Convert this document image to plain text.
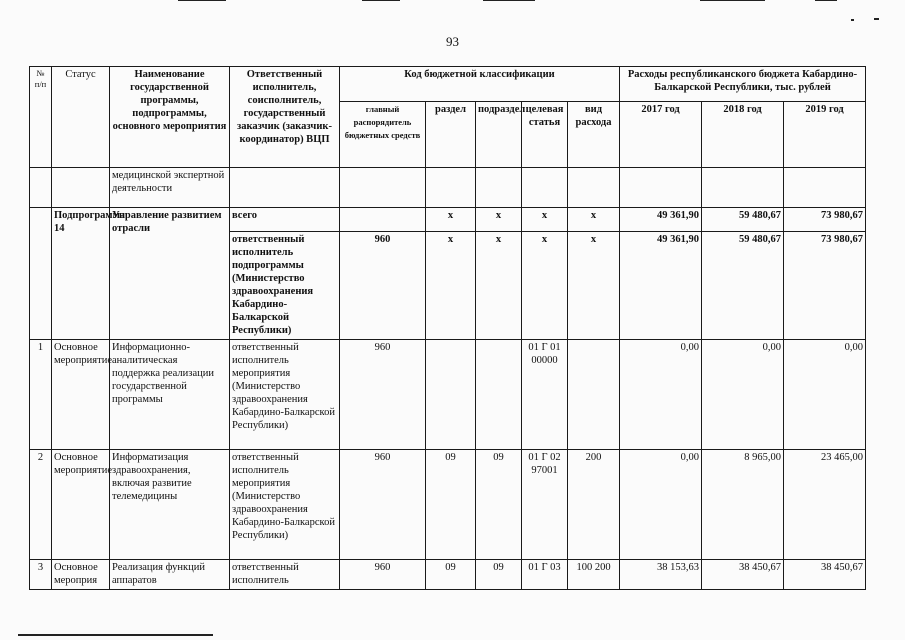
93
№ п/п	Статус	Наименование государственной программы, подпрограммы, основного мероприятия	Ответственный исполнитель, соисполнитель, государственный заказчик (заказчик-координатор) ВЦП	Код бюджетной классификации					Расходы республиканского бюджета Кабардино-Балкарской Республики, тыс. рублей		
				главный распорядитель бюджетных средств	раздел	подраздел	целевая статья	вид расхода	2017 год	2018 год	2019 год
		медицинской экспертной деятельности									
	Подпрограмма 14	Управление развитием отрасли	всего		х	х	х	х	49 361,90	59 480,67	73 980,67
			ответственный исполнитель подпрограммы (Министерство здравоохранения Кабардино-Балкарской Республики)	960	х	х	х	х	49 361,90	59 480,67	73 980,67
1	Основное мероприятие	Информационно-аналитическая поддержка реализации государственной программы	ответственный исполнитель мероприятия (Министерство здравоохранения Кабардино-Балкарской Республики)	960			01 Г 01 00000		0,00	0,00	0,00
2	Основное мероприятие	Информатизация здравоохранения, включая развитие телемедицины	ответственный исполнитель мероприятия (Министерство здравоохранения Кабардино-Балкарской Республики)	960	09	09	01 Г 02 97001	200	0,00	8 965,00	23 465,00
3	Основное мероприя	Реализация функций аппаратов	ответственный исполнитель	960	09	09	01 Г 03	100 200	38 153,63	38 450,67	38 450,67
